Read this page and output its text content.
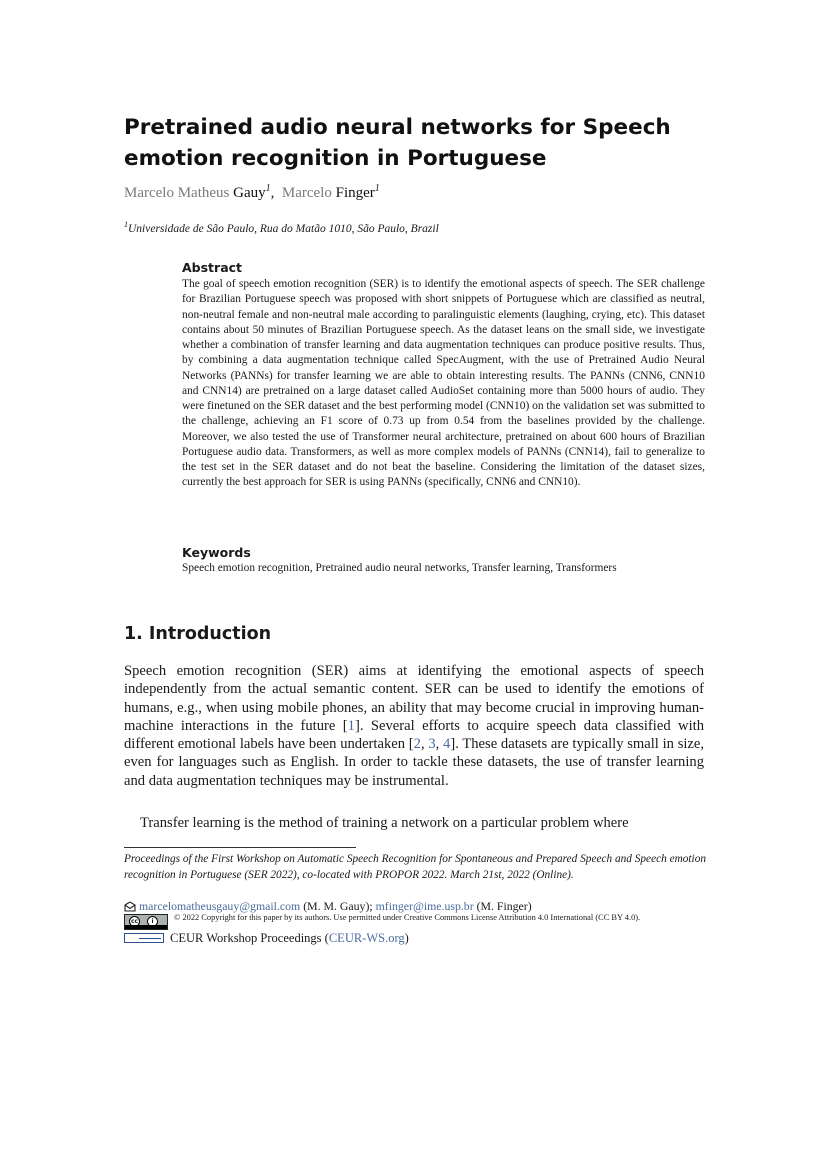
Pretrained audio neural networks for Speech emotion recognition in Portuguese
Marcelo Matheus Gauy$^1$,  Marcelo Finger$^1$
$^1$Universidade de São Paulo, Rua do Matão 1010, São Paulo, Brazil
Abstract

The goal of speech emotion recognition (SER) is to identify the emotional aspects of speech. The SER challenge for Brazilian Portuguese speech was proposed with short snippets of Portuguese which are classified as neutral, non-neutral female and non-neutral male according to paralinguistic elements (laughing, crying, etc). This dataset contains about 50 minutes of Brazilian Portuguese speech. As the dataset leans on the small side, we investigate whether a combination of transfer learning and data augmentation techniques can produce positive results. Thus, by combining a data augmentation technique called SpecAugment, with the use of Pretrained Audio Neural Networks (PANNs) for transfer learning we are able to obtain interesting results. The PANNs (CNN6, CNN10 and CNN14) are pretrained on a large dataset called AudioSet containing more than 5000 hours of audio. They were finetuned on the SER dataset and the best performing model (CNN10) on the validation set was submitted to the challenge, achieving an F1 score of 0.73 up from 0.54 from the baselines provided by the challenge. Moreover, we also tested the use of Transformer neural architecture, pretrained on about 600 hours of Brazilian Portuguese audio data. Transformers, as well as more complex models of PANNs (CNN14), fail to generalize to the test set in the SER dataset and do not beat the baseline. Considering the limitation of the dataset sizes, currently the best approach for SER is using PANNs (specifically, CNN6 and CNN10).

Keywords

Speech emotion recognition, Pretrained audio neural networks, Transfer learning, Transformers

1. Introduction

Speech emotion recognition (SER) aims at identifying the emotional aspects of speech independently from the actual semantic content. SER can be used to identify the emotions of humans, e.g., when using mobile phones, an ability that may become crucial in improving human-machine interactions in the future [1]. Several efforts to acquire speech data classified with different emotional labels have been undertaken [2, 3, 4]. These datasets are typically small in size, even for languages such as English. In order to tackle these datasets, the use of transfer learning and data augmentation techniques may be instrumental.

Transfer learning is the method of training a network on a particular problem where

Proceedings of the First Workshop on Automatic Speech Recognition for Spontaneous and Prepared Speech and Speech emotion recognition in Portuguese (SER 2022), co-located with PROPOR 2022. March 21st, 2022 (Online).

marcelomatheusgauy@gmail.com (M. M. Gauy); mfinger@ime.usp.br (M. Finger)
cc	i	© 2022 Copyright for this paper by its authors. Use permitted under Creative Commons License Attribution 4.0 International (CC BY 4.0).

CEUR Workshop Proceedings (CEUR-WS.org)
